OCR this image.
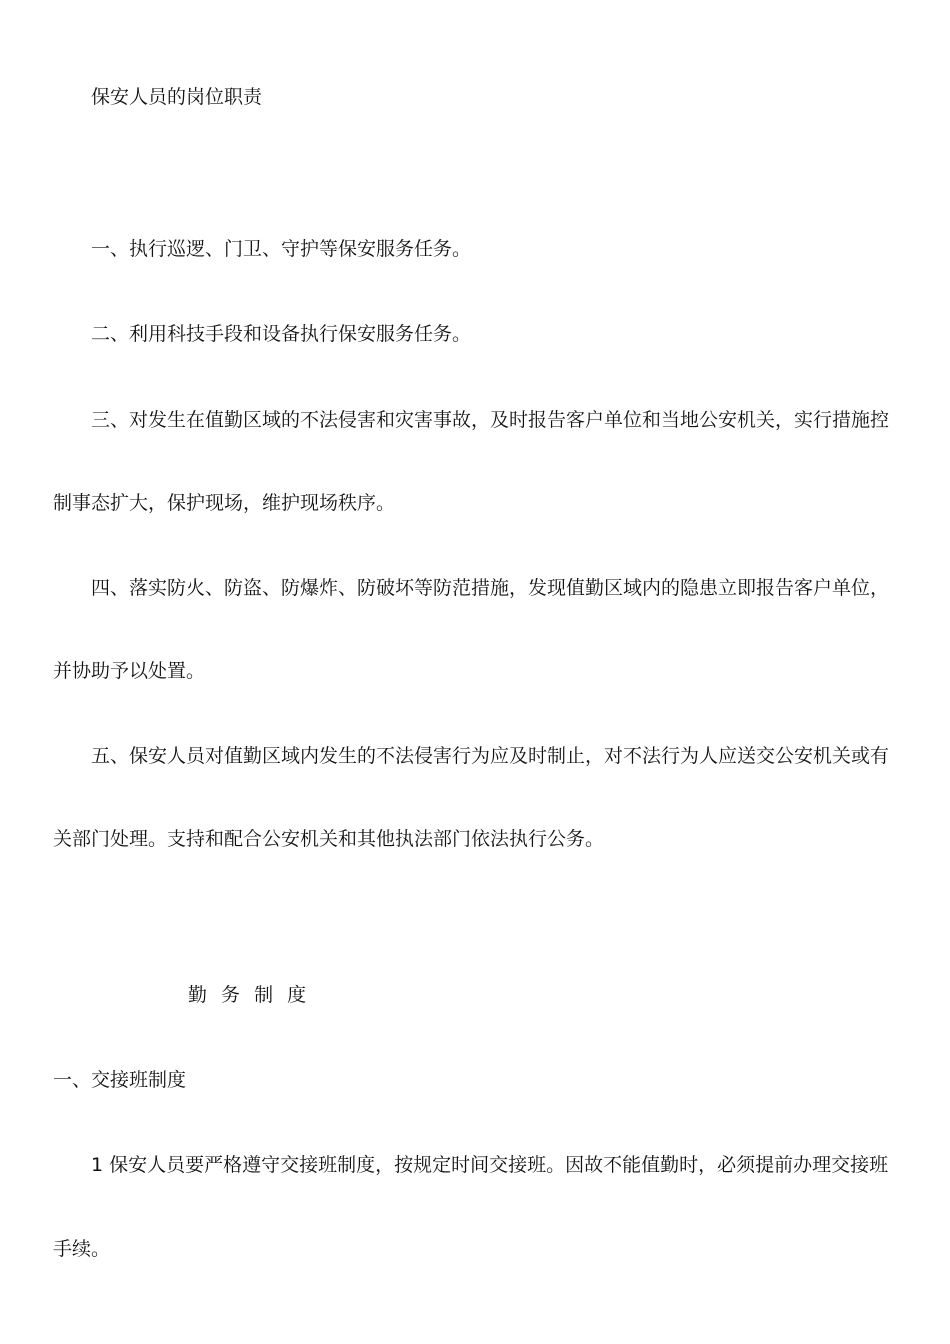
保安人员的岗位职责

一、执行巡逻、门卫、守护等保安服务任务。

二、利用科技手段和设备执行保安服务任务。

三、对发生在值勤区域的不法侵害和灾害事故，及时报告客户单位和当地公安机关，实行措施控

制事态扩大，保护现场，维护现场秩序。

四、落实防火、防盗、防爆炸、防破坏等防范措施，发现值勤区域内的隐患立即报告客户单位，

并协助予以处置。

五、保安人员对值勤区域内发生的不法侵害行为应及时制止，对不法行为人应送交公安机关或有

关部门处理。支持和配合公安机关和其他执法部门依法执行公务。

勤 务 制 度

一、交接班制度

1 保安人员要严格遵守交接班制度，按规定时间交接班。因故不能值勤时，必须提前办理交接班

手续。
